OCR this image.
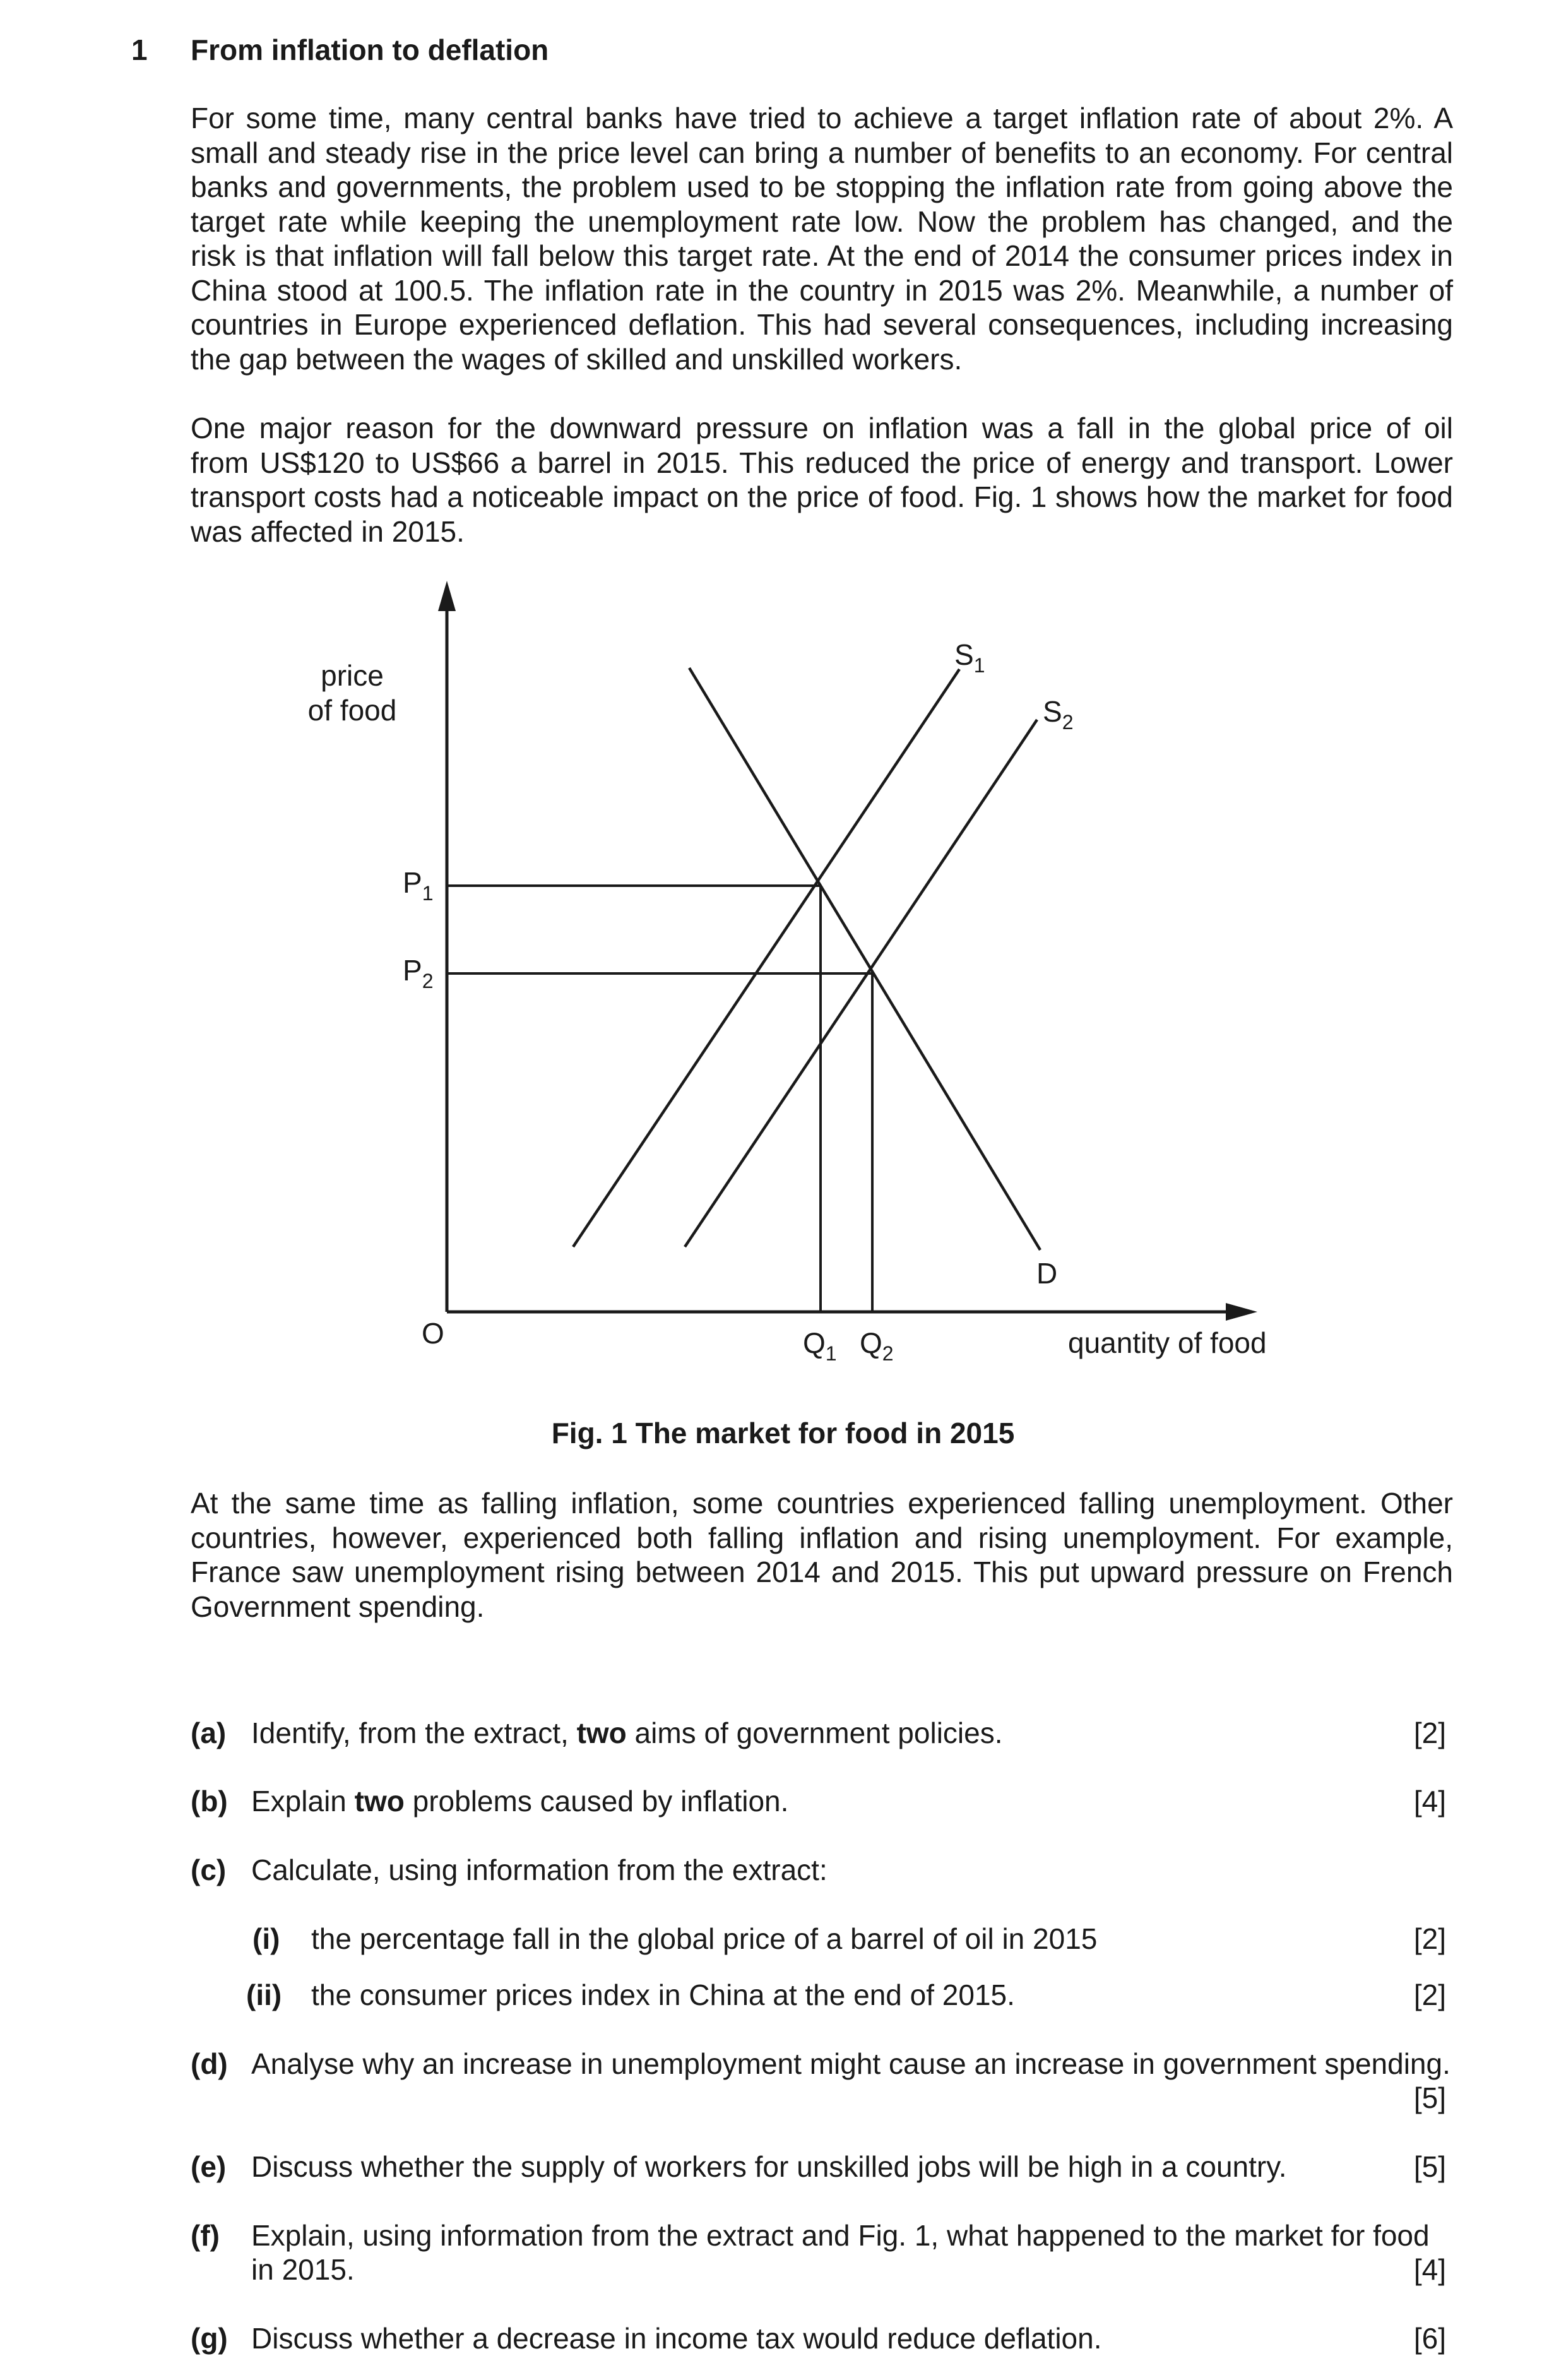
1 From inflation to deflation
For some time, many central banks have tried to achieve a target inflation rate of about 2%. A
small and steady rise in the price level can bring a number of benefits to an economy. For central
banks and governments, the problem used to be stopping the inflation rate from going above the
target rate while keeping the unemployment rate low. Now the problem has changed, and the
risk is that inflation will fall below this target rate. At the end of 2014 the consumer prices index in
China stood at 100.5. The inflation rate in the country in 2015 was 2%. Meanwhile, a number of
countries in Europe experienced deflation. This had several consequences, including increasing
the gap between the wages of skilled and unskilled workers.
One major reason for the downward pressure on inflation was a fall in the global price of oil
from US$120 to US$66 a barrel in 2015. This reduced the price of energy and transport. Lower
transport costs had a noticeable impact on the price of food. Fig. 1 shows how the market for food
was affected in 2015.
price
of food
$P_1$
$P_2$
$S_1$
$S_2$
D
O	$Q_1$ $Q_2$	quantity of food
Fig. 1 The market for food in 2015
At the same time as falling inflation, some countries experienced falling unemployment. Other
countries, however, experienced both falling inflation and rising unemployment. For example,
France saw unemployment rising between 2014 and 2015. This put upward pressure on French
Government spending.
(a) Identify, from the extract, two aims of government policies.	[2]
(b) Explain two problems caused by inflation.	[4]
(c) Calculate, using information from the extract:
(i) the percentage fall in the global price of a barrel of oil in 2015	[2]
(ii) the consumer prices index in China at the end of 2015.	[2]
(d) Analyse why an increase in unemployment might cause an increase in government spending.
[5]
(e) Discuss whether the supply of workers for unskilled jobs will be high in a country.	[5]
(f) Explain, using information from the extract and Fig. 1, what happened to the market for food
in 2015.	[4]
(g) Discuss whether a decrease in income tax would reduce deflation.	[6]
